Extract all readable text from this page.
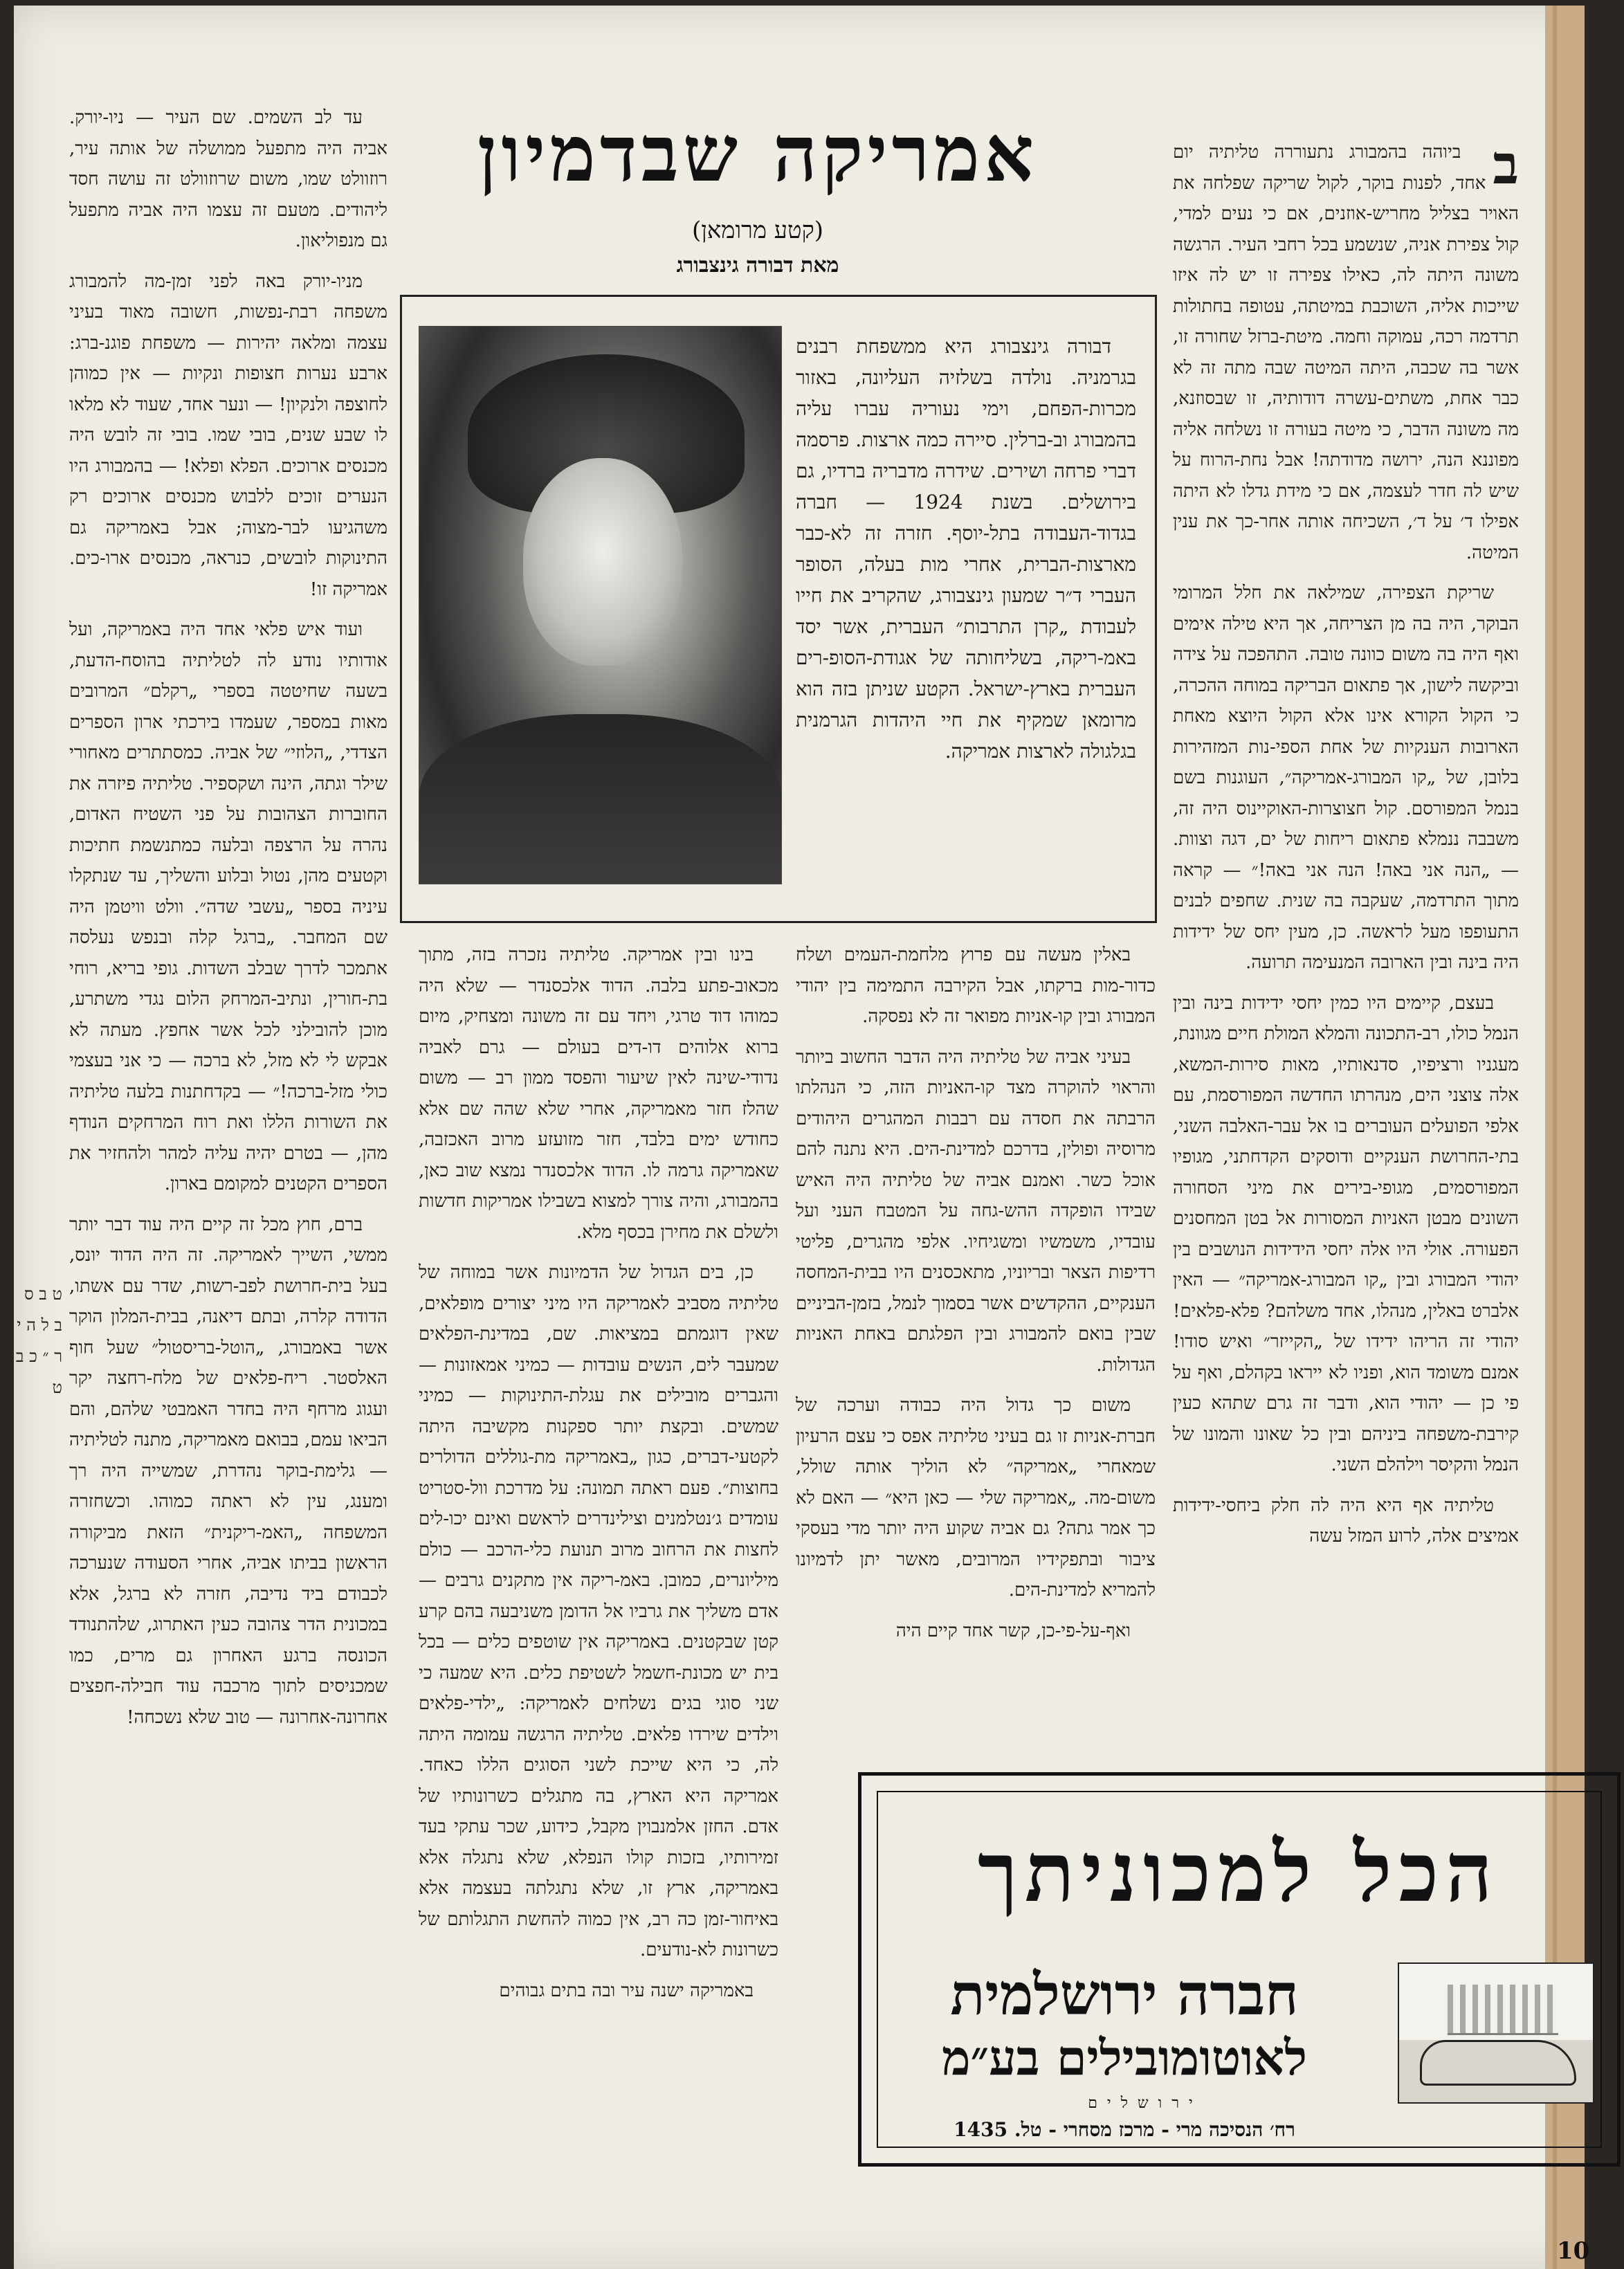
ט ב ס ב ל ה י ר ״ כ ב ט
אמריקה שבדמיון
(קטע מרומאן)
מאת דבורה גינצבורג

דבורה גינצבורג היא ממשפחת רבנים בגרמניה. נולדה בשלזיה העליונה, באזור מכרות-הפחם, וימי נעוריה עברו עליה בהמבורג וב-ברלין. סיירה כמה ארצות. פרסמה דברי פרחה ושירים. שידרה מדבריה ברדיו, גם בירושלים. בשנת 1924 — חברה בגדוד-העבודה בתל-יוסף. חזרה זה לא-כבר מארצות-הברית, אחרי מות בעלה, הסופר העברי ד״ר שמעון גינצבורג, שהקריב את חייו לעבודת „קרן התרבות״ העברית, אשר יסד באמ-ריקה, בשליחותה של אגודת-הסופ-רים העברית בארץ-ישראל. הקטע שניתן בזה הוא מרומאן שמקיף את חיי היהדות הגרמנית בגלגולה לארצות אמריקה.

ב

ביוהה בהמבורג נתעוררה טליתיה יום אחד, לפנות בוקר, לקול שריקה שפלחה את האויר בצליל מחריש-אוזנים, אם כי נעים למדי, קול צפירת אניה, שנשמע בכל רחבי העיר. הרגשה משונה היתה לה, כאילו צפירה זו יש לה איזו שייכות אליה, השוכבת במיטתה, עטופה בחתולות תרדמה רכה, עמוקה וחמה. מיטת-ברזל שחורה זו, אשר בה שכבה, היתה המיטה שבה מתה זה לא כבר אחת, משתים-עשרה דודותיה, זו שבסוזנא, מה משונה הדבר, כי מיטה בעורה זו נשלחה אליה מפוננא הנה, ירושה מדודתה! אבל נחת-הרוח על שיש לה חדר לעצמה, אם כי מידת גדלו לא היתה אפילו ד׳ על ד׳, השכיחה אותה אחר-כך את ענין המיטה.

שריקת הצפירה, שמילאה את חלל המרומי הבוקר, היה בה מן הצריחה, אך היא טילה אימים ואף היה בה משום כוונה טובה. התהפכה על צידה וביקשה לישון, אך פתאום הבריקה במוחה ההכרה, כי הקול הקורא אינו אלא הקול היוצא מאחת הארובות הענקיות של אחת הספי-נות המזהירות בלובן, של „קו המבורג-אמריקה״, העוגנות בשם בנמל המפורסם. קול חצוצרות-האוקיינוס היה זה, משבבה ננמלא פתאום ריחות של ים, דגה וצוות. — „הנה אני באה! הנה אני באה!״ — קראה מתוך התרדמה, שעקבה בה שנית. שחפים לבנים התעופפו מעל לראשה. כן, מעין יחס של ידידות היה בינה ובין הארובה המנעימה תרועה.

בעצם, קיימים היו כמין יחסי ידידות בינה ובין הנמל כולו, רב-התכונה והמלא המולת חיים מגוונת, מעגניו ורציפיו, סדנאותיו, מאות סירות-המשא, אלה צוצני הים, מנהרתו החדשה המפורסמת, עם אלפי הפועלים העוברים בו אל עבר-האלבה השני, בתי-החרושת הענקיים ודוסקים הקדחתני, מגופיו המפורסמים, מגופי-בירים את מיני הסחורה השונים מבטן האניות המסורות אל בטן המחסנים הפעורה. אולי היו אלה יחסי הידידות הנושבים בין יהודי המבורג ובין „קו המבורג-אמריקה״ — האין אלברט באלין, מנהלו, אחד משלהם? פלא-פלאים! יהודי זה הריהו ידידו של „הקייזר״ ואיש סודו! אמנם משומד הוא, ופניו לא ייראו בקהלם, ואף על פי כן — יהודי הוא, ודבר זה גרם שתהא כעין קירבת-משפחה ביניהם ובין כל שאונו והמונו של הנמל והקיסר וילהלם השני.

טליתיה אף היא היה לה חלק ביחסי-ידידות אמיצים אלה, לרוע המזל עשה

באלין מעשה עם פרוץ מלחמת-העמים ושלח כדור-מות ברקתו, אבל הקירבה התמימה בין יהודי המבורג ובין קו-אניות מפואר זה לא נפסקה.

בעיני אביה של טליתיה היה הדבר החשוב ביותר והראוי להוקרה מצד קו-האניות הזה, כי הנהלתו הרבתה את חסדה עם רבבות המהגרים היהודים מרוסיה ופולין, בדרכם למדינת-הים. היא נתנה להם אוכל כשר. ואמנם אביה של טליתיה היה האיש שבידו הופקדה ההש-גחה על המטבח העני ועל עובדיו, משמשיו ומשגיחיו. אלפי מהגרים, פליטי רדיפות הצאר ובריוניו, מתאכסנים היו בבית-המחסה הענקיים, ההקדשים אשר בסמוך לנמל, בזמן-הביניים שבין בואם להמבורג ובין הפלגתם באחת האניות הגדולות.

משום כך גדול היה כבודה וערכה של חברת-אניות זו גם בעיני טליתיה אפס כי עצם הרעיון שמאחרי „אמריקה״ לא הוליך אותה שולל, משום-מה. „אמריקה שלי — כאן היא״ — האם לא כך אמר גתה? גם אביה שקוע היה יותר מדי בעסקי ציבור ובתפקידיו המרובים, מאשר יתן לדמיונו להמריא למדינת-הים.

ואף-על-פי-כן, קשר אחד קיים היה

בינו ובין אמריקה. טליתיה נזכרה בזה, מתוך מכאוב-פתע בלבה. הדוד אלכסנדר — שלא היה כמוהו דוד טרגי, ויחד עם זה משונה ומצחיק, מיום ברוא אלוהים דו-דים בעולם — גרם לאביה נדודי-שינה לאין שיעור והפסד ממון רב — משום שהלז חזר מאמריקה, אחרי שלא שהה שם אלא כחודש ימים בלבד, חזר מזועזע מרוב האכזבה, שאמריקה גרמה לו. הדוד אלכסנדר נמצא שוב כאן, בהמבורג, והיה צורך למצוא בשבילו אמריקות חדשות ולשלם את מחירן בכסף מלא.

כן, בים הגדול של הדמיונות אשר במוחה של טליתיה מסביב לאמריקה היו מיני יצורים מופלאים, שאין דוגמתם במציאות. שם, במדינת-הפלאים שמעבר לים, הנשים עובדות — כמיני אמאזונות — והגברים מובילים את עגלת-התינוקות — כמיני שמשים. ובקצת יותר ספקנות מקשיבה היתה לקטעי-דברים, כגון „באמריקה מת-גוללים הדולרים בחוצות״. פעם ראתה תמונה: על מדרכת וול-סטריט עומדים ג׳נטלמנים וצילינדרים לראשם ואינם יכו-לים לחצות את הרחוב מרוב תנועת כלי-הרכב — כולם מיליונרים, כמובן. באמ-ריקה אין מתקנים גרבים — אדם משליך את גרביו אל הדומן משניבעה בהם קרע קטן שבקטנים. באמריקה אין שוטפים כלים — בכל בית יש מכונת-חשמל לשטיפת כלים. היא שמעה כי שני סוגי בגים נשלחים לאמריקה: „ילדי-פלאים וילדים שירדו פלאים. טליתיה הרגשה עמומה היתה לה, כי היא שייכת לשני הסוגים הללו כאחד. אמריקה היא הארץ, בה מתגלים כשרונותיו של אדם. החזן אלמנבוין מקבל, כידוע, שכר עתקי בעד זמירותיו, בזכות קולו הנפלא, שלא נתגלה אלא באמריקה, ארץ זו, שלא נתגלתה בעצמה אלא באיחור-זמן כה רב, אין כמוה להחשת התגלותם של כשרונות לא-נודעים.

באמריקה ישנה עיר ובה בתים גבוהים

עד לב השמים. שם העיר — ניו-יורק. אביה היה מתפעל ממושלה של אותה עיר, רוזוולט שמו, משום שרוזוולט זה עושה חסד ליהודים. מטעם זה עצמו היה אביה מתפעל גם מנפוליאון.

מניו-יורק באה לפני זמן-מה להמבורג משפחה רבת-נפשות, חשובה מאוד בעיני עצמה ומלאה יהירות — משפחת פוגנ-ברג: ארבע נערות חצופות ונקיות — אין כמוהן לחוצפה ולנקיון! — ונער אחד, שעוד לא מלאו לו שבע שנים, בובי שמו. בובי זה לובש היה מכנסים ארוכים. הפלא ופלא! — בהמבורג היו הנערים זוכים ללבוש מכנסים ארוכים רק משהגיעו לבר-מצוה; אבל באמריקה גם התינוקות לובשים, כנראה, מכנסים ארו-כים. אמריקה זו!

ועוד איש פלאי אחד היה באמריקה, ועל אודותיו נודע לה לטליתיה בהוסח-הדעת, בשעה שחיטטה בספרי „רקלם״ המרובים מאות במספר, שעמדו בירכתי ארון הספרים הצדדי, „הלוזי״ של אביה. כמסתתרים מאחורי שילר וגתה, הינה ושקספיר. טליתיה פיזרה את החוברות הצהובות על פני השטיח האדום, נהרה על הרצפה ובלעה כמתנשמת חתיכות וקטעים מהן, נטול ובלוע והשליך, עד שנתקלו עיניה בספר „עשבי שדה״. וולט וויטמן היה שם המחבר. „ברגל קלה ובנפש נעלסה אתמכר לדרך שבלב השדות. גופי בריא, רוחי בת-חורין, ונתיב-המרחק הלום נגדי משתרע, מוכן להובילני לכל אשר אחפץ. מעתה לא אבקש לי לא מזל, לא ברכה — כי אני בעצמי כולי מזל-ברכה!״ — בקדחתנות בלעה טליתיה את השורות הללו ואת רוח המרחקים הנודף מהן, — בטרם יהיה עליה למהר ולהחזיר את הספרים הקטנים למקומם בארון.

ברם, חוץ מכל זה קיים היה עוד דבר יותר ממשי, השייך לאמריקה. זה היה הדוד יונס, בעל בית-חרושת לפב-רשות, שדר עם אשתו, הדודה קלרה, ובתם דיאנה, בבית-המלון הוקר אשר באמבורג, „הוטל-בריסטול״ שעל חוף האלסטר. ריח-פלאים של מלח-רחצה יקר ועגוג מרחף היה בחדר האמבטי שלהם, והם הביאו עמם, בבואם מאמריקה, מתנה לטליתיה — גלימת-בוקר נהדרת, שמשייה היה רך ומענג, עין לא ראתה כמוהו. וכשחזרה המשפחה „האמ-ריקנית״ הזאת מביקורה הראשון בביתו אביה, אחרי הסעודה שנערכה לכבודם ביד נדיבה, חזרה לא ברגל, אלא במכונית הדר צהובה כעין האתרוג, שלהתנודד הכונסה ברגע האחרון גם מרים, כמו שמכניסים לתוך מרכבה עוד חבילה-חפצים אחרונה-אחרונה — טוב שלא נשכחה!

הכל למכוניתך
חברה ירושלמית
לאוטומובילים בע״מ
ירושלים
רח׳ הנסיכה מרי - מרכז מסחרי - טל. 1435
10
